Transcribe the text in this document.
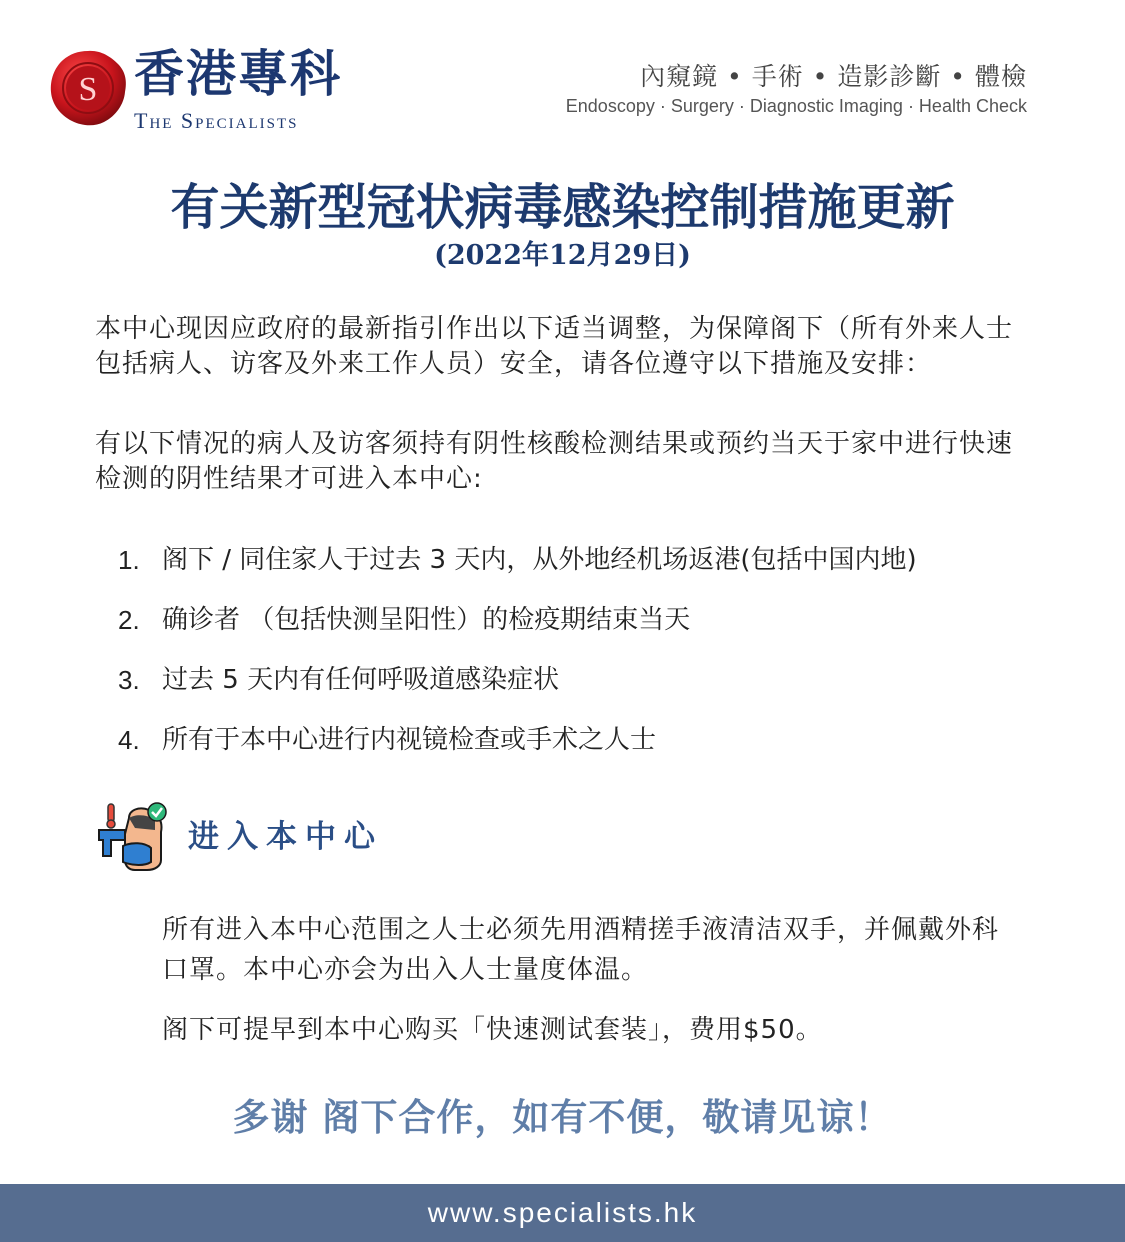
S 香港專科
The Specialists
內窺鏡 • 手術 • 造影診斷 • 體檢
Endoscopy · Surgery · Diagnostic Imaging · Health Check
有关新型冠状病毒感染控制措施更新
(2022年12月29日)
本中心现因应政府的最新指引作出以下适当调整，为保障阁下（所有外来人士包括病人、访客及外来工作人员）安全，请各位遵守以下措施及安排：
有以下情况的病人及访客须持有阴性核酸检测结果或预约当天于家中进行快速检测的阴性结果才可进入本中心:
1. 阁下 / 同住家人于过去 3 天内，从外地经机场返港(包括中国内地)
2. 确诊者 （包括快测呈阳性）的检疫期结束当天
3. 过去 5 天内有任何呼吸道感染症状
4. 所有于本中心进行内视镜检查或手术之人士
进入本中心
所有进入本中心范围之人士必须先用酒精搓手液清洁双手，并佩戴外科口罩。本中心亦会为出入人士量度体温。
阁下可提早到本中心购买「快速测试套装」，费用$50。
多谢 阁下合作，如有不便，敬请见谅！
www.specialists.hk
